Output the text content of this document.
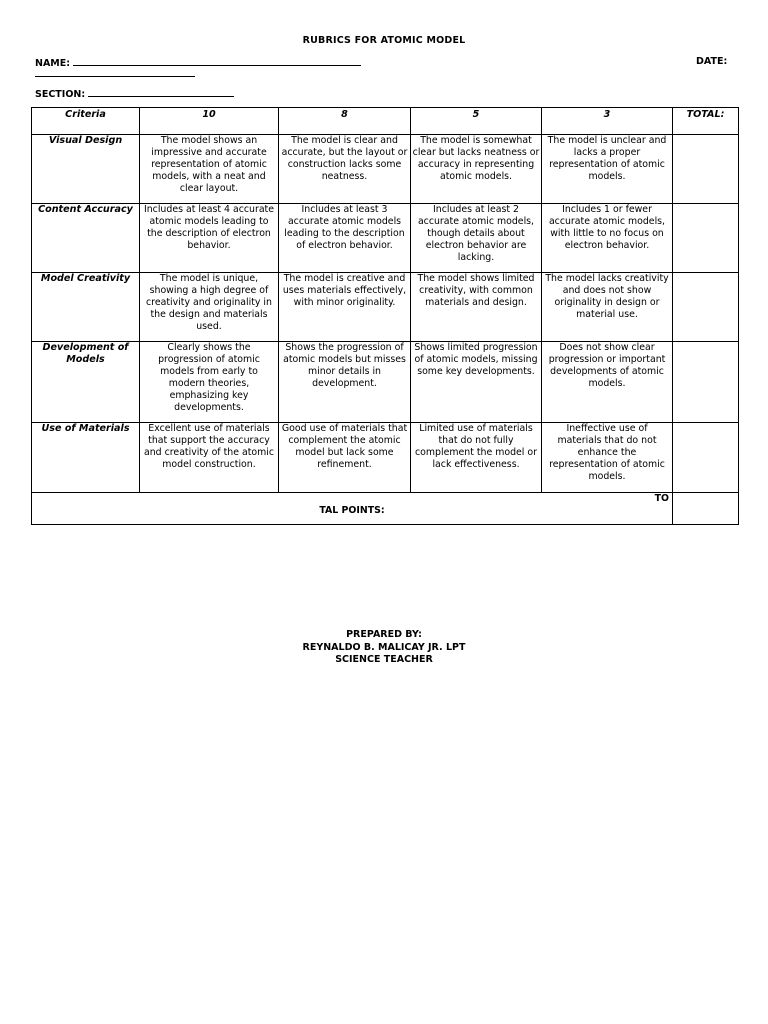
RUBRICS FOR ATOMIC MODEL
NAME:	DATE:
SECTION:
Criteria	10	8	5	3	TOTAL:
Visual Design	The model shows an impressive and accurate representation of atomic models, with a neat and clear layout.	The model is clear and accurate, but the layout or construction lacks some neatness.	The model is somewhat clear but lacks neatness or accuracy in representing atomic models.	The model is unclear and lacks a proper representation of atomic models.	
Content Accuracy	Includes at least 4 accurate atomic models leading to the description of electron behavior.	Includes at least 3 accurate atomic models leading to the description of electron behavior.	Includes at least 2 accurate atomic models, though details about electron behavior are lacking.	Includes 1 or fewer accurate atomic models, with little to no focus on electron behavior.	
Model Creativity	The model is unique, showing a high degree of creativity and originality in the design and materials used.	The model is creative and uses materials effectively, with minor originality.	The model shows limited creativity, with common materials and design.	The model lacks creativity and does not show originality in design or material use.	
Development of Models	Clearly shows the progression of atomic models from early to modern theories, emphasizing key developments.	Shows the progression of atomic models but misses minor details in development.	Shows limited progression of atomic models, missing some key developments.	Does not show clear progression or important developments of atomic models.	
Use of Materials	Excellent use of materials that support the accuracy and creativity of the atomic model construction.	Good use of materials that complement the atomic model but lack some refinement.	Limited use of materials that do not fully complement the model or lack effectiveness.	Ineffective use of materials that do not enhance the representation of atomic models.	

TO
TAL POINTS:					

PREPARED BY:
REYNALDO B. MALICAY JR. LPT
SCIENCE TEACHER
